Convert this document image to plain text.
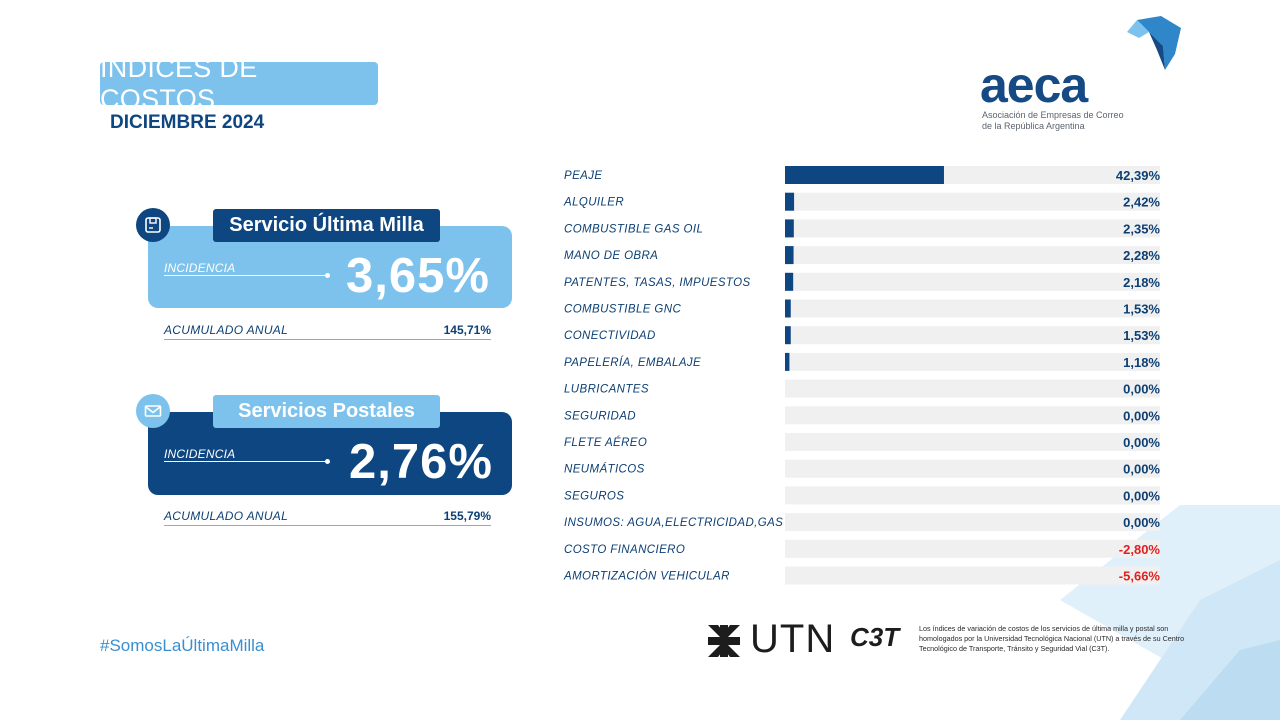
ÍNDICES DE COSTOS
DICIEMBRE 2024
aeca
Asociación de Empresas de Correo
de la República Argentina
Servicio Última Milla
INCIDENCIA 3,65%
ACUMULADO ANUAL	145,71%
Servicios Postales
INCIDENCIA 2,76%
ACUMULADO ANUAL	155,79%
#SomosLaÚltimaMilla
PEAJE	42,39%
ALQUILER	2,42%
COMBUSTIBLE GAS OIL	2,35%
MANO DE OBRA	2,28%
PATENTES, TASAS, IMPUESTOS	2,18%
COMBUSTIBLE GNC	1,53%
CONECTIVIDAD	1,53%
PAPELERÍA, EMBALAJE	1,18%
LUBRICANTES	0,00%
SEGURIDAD	0,00%
FLETE AÉREO	0,00%
NEUMÁTICOS	0,00%
SEGUROS	0,00%
INSUMOS: AGUA,ELECTRICIDAD,GAS	0,00%
COSTO FINANCIERO	-2,80%
AMORTIZACIÓN VEHICULAR	-5,66%
UTN C3T	Los índices de variación de costos de los servicios de última milla y postal son homologados por la Universidad Tecnológica Nacional (UTN) a través de su Centro Tecnológico de Transporte, Tránsito y Seguridad Vial (C3T).
